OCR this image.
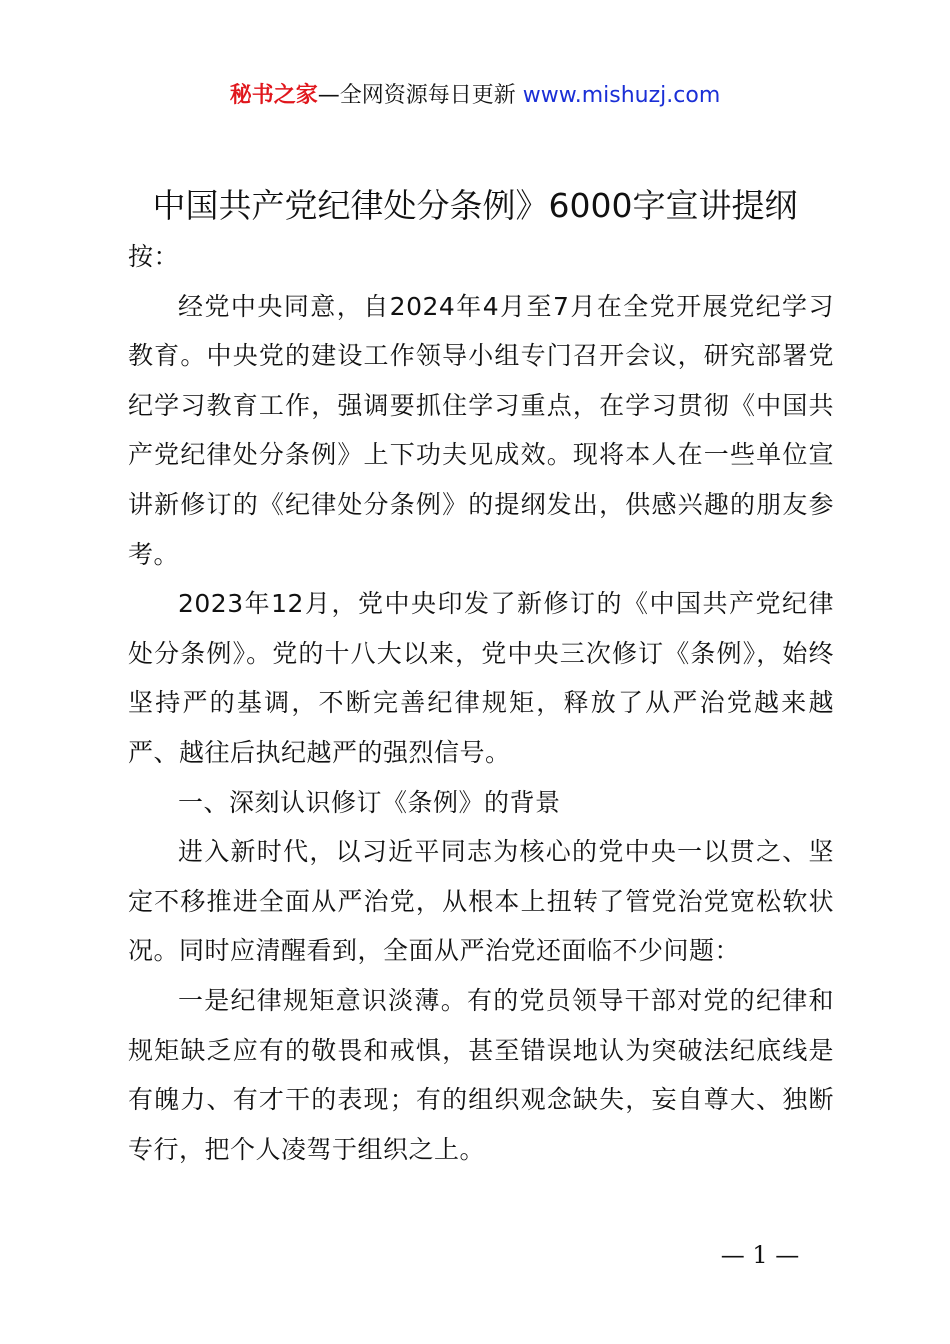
秘书之家—全网资源每日更新 www.mishuzj.com
中国共产党纪律处分条例》6000字宣讲提纲

按：

经党中央同意，自2024年4月至7月在全党开展党纪学习教育。中央党的建设工作领导小组专门召开会议，研究部署党纪学习教育工作，强调要抓住学习重点，在学习贯彻《中国共产党纪律处分条例》上下功夫见成效。现将本人在一些单位宣讲新修订的《纪律处分条例》的提纲发出，供感兴趣的朋友参考。

2023年12月，党中央印发了新修订的《中国共产党纪律处分条例》。党的十八大以来，党中央三次修订《条例》，始终坚持严的基调，不断完善纪律规矩，释放了从严治党越来越严、越往后执纪越严的强烈信号。

一、深刻认识修订《条例》的背景

进入新时代，以习近平同志为核心的党中央一以贯之、坚定不移推进全面从严治党，从根本上扭转了管党治党宽松软状况。同时应清醒看到，全面从严治党还面临不少问题：

一是纪律规矩意识淡薄。有的党员领导干部对党的纪律和规矩缺乏应有的敬畏和戒惧，甚至错误地认为突破法纪底线是有魄力、有才干的表现；有的组织观念缺失，妄自尊大、独断专行，把个人凌驾于组织之上。

— 1 —
